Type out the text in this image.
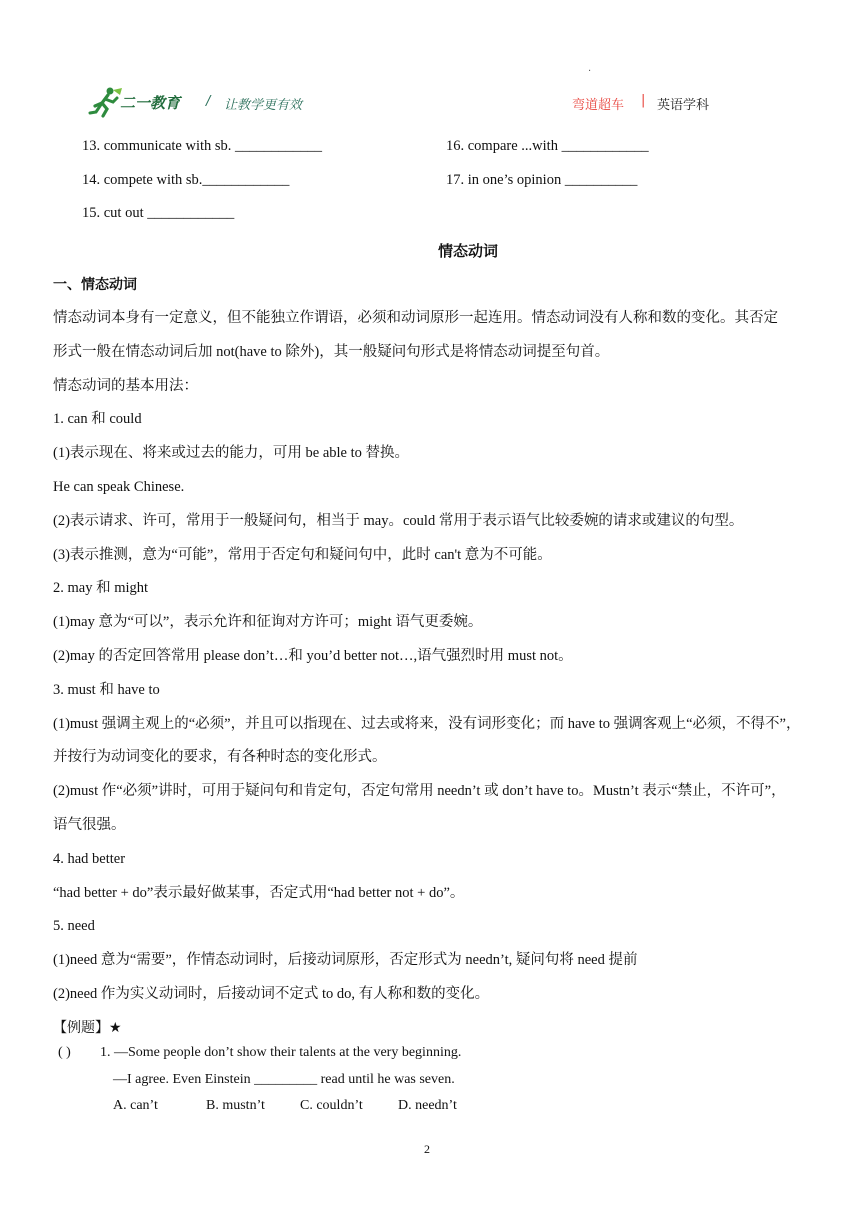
二一教育 / 让教学更有效
·
弯道超车 | 英语学科
13. communicate with sb. ____________	16. compare ...with ____________
14. compete with sb.____________	17. in one’s opinion __________
15. cut out ____________
情态动词
一、情态动词
情态动词本身有一定意义，但不能独立作谓语，必须和动词原形一起连用。情态动词没有人称和数的变化。其否定
形式一般在情态动词后加 not(have to 除外)，其一般疑问句形式是将情态动词提至句首。
情态动词的基本用法：
1. can 和 could
(1)表示现在、将来或过去的能力，可用 be able to 替换。
He can speak Chinese.
(2)表示请求、许可，常用于一般疑问句，相当于 may。could 常用于表示语气比较委婉的请求或建议的句型。
(3)表示推测，意为“可能”，常用于否定句和疑问句中，此时 can't 意为不可能。
2. may 和 might
(1)may 意为“可以”，表示允许和征询对方许可；might 语气更委婉。
(2)may 的否定回答常用 please don’t…和 you’d better not…,语气强烈时用 must not。
3. must 和 have to
(1)must 强调主观上的“必须”，并且可以指现在、过去或将来，没有词形变化；而 have to 强调客观上“必须，不得不”，
并按行为动词变化的要求，有各种时态的变化形式。
(2)must 作“必须”讲时，可用于疑问句和肯定句，否定句常用 needn’t 或 don’t have to。Mustn’t 表示“禁止，不许可”，
语气很强。
4. had better
“had better + do”表示最好做某事，否定式用“had better not + do”。
5. need
(1)need 意为“需要”，作情态动词时，后接动词原形，否定形式为 needn’t, 疑问句将 need 提前
(2)need 作为实义动词时，后接动词不定式 to do, 有人称和数的变化。
【例题】★
( ) 1. —Some people don’t show their talents at the very beginning.
—I agree. Even Einstein _________ read until he was seven.
A. can’t	B. mustn’t	C. couldn’t	D. needn’t
2
